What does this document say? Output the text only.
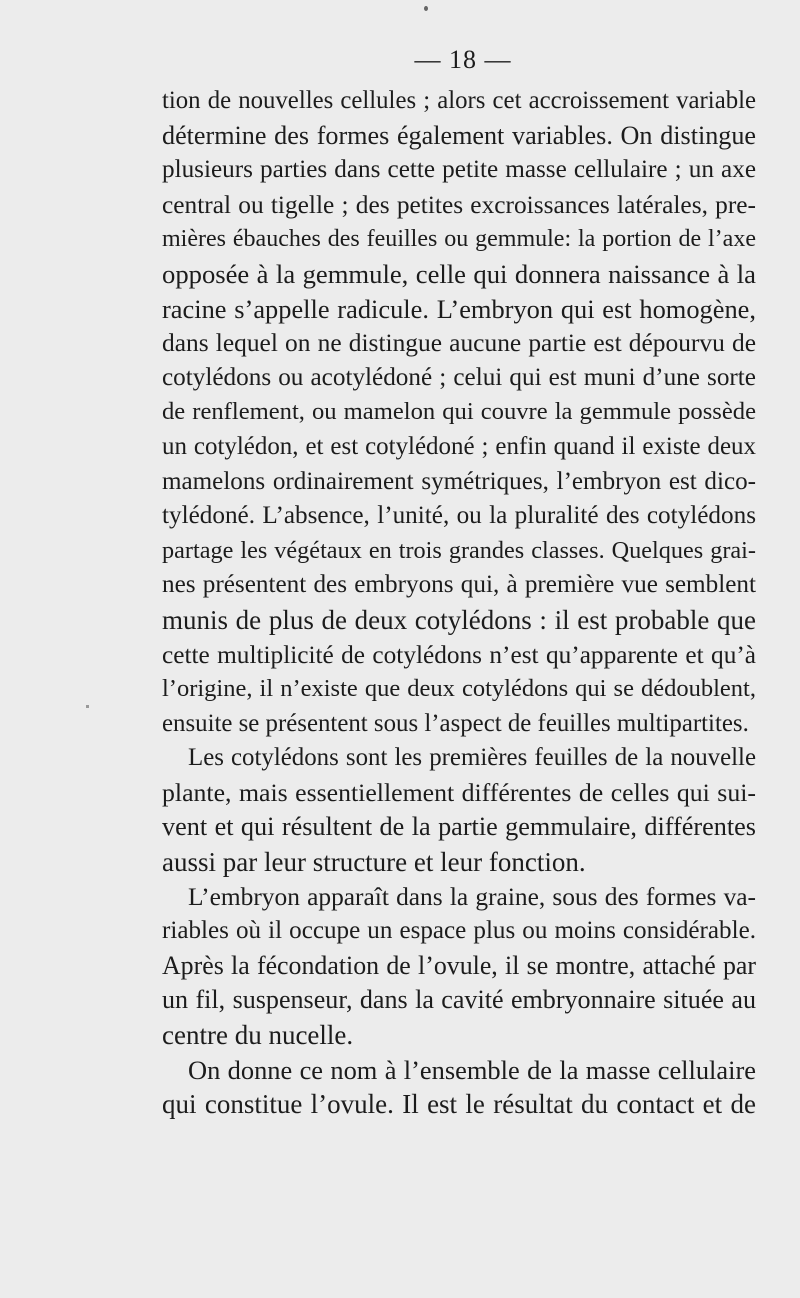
— 18 —
tion de nouvelles cellules ; alors cet accroissement variable
détermine des formes également variables. On distingue
plusieurs parties dans cette petite masse cellulaire ; un axe
central ou tigelle ; des petites excroissances latérales, pre-
mières ébauches des feuilles ou gemmule: la portion de l’axe
opposée à la gemmule, celle qui donnera naissance à la
racine s’appelle radicule. L’embryon qui est homogène,
dans lequel on ne distingue aucune partie est dépourvu de
cotylédons ou acotylédoné ; celui qui est muni d’une sorte
de renflement, ou mamelon qui couvre la gemmule possède
un cotylédon, et est cotylédoné ; enfin quand il existe deux
mamelons ordinairement symétriques, l’embryon est dico-
tylédoné. L’absence, l’unité, ou la pluralité des cotylédons
partage les végétaux en trois grandes classes. Quelques grai-
nes présentent des embryons qui, à première vue semblent
munis de plus de deux cotylédons : il est probable que
cette multiplicité de cotylédons n’est qu’apparente et qu’à
l’origine, il n’existe que deux cotylédons qui se dédoublent,
ensuite se présentent sous l’aspect de feuilles multipartites.
Les cotylédons sont les premières feuilles de la nouvelle
plante, mais essentiellement différentes de celles qui sui-
vent et qui résultent de la partie gemmulaire, différentes
aussi par leur structure et leur fonction.
L’embryon apparaît dans la graine, sous des formes va-
riables où il occupe un espace plus ou moins considérable.
Après la fécondation de l’ovule, il se montre, attaché par
un fil, suspenseur, dans la cavité embryonnaire située au
centre du nucelle.
On donne ce nom à l’ensemble de la masse cellulaire
qui constitue l’ovule. Il est le résultat du contact et de
